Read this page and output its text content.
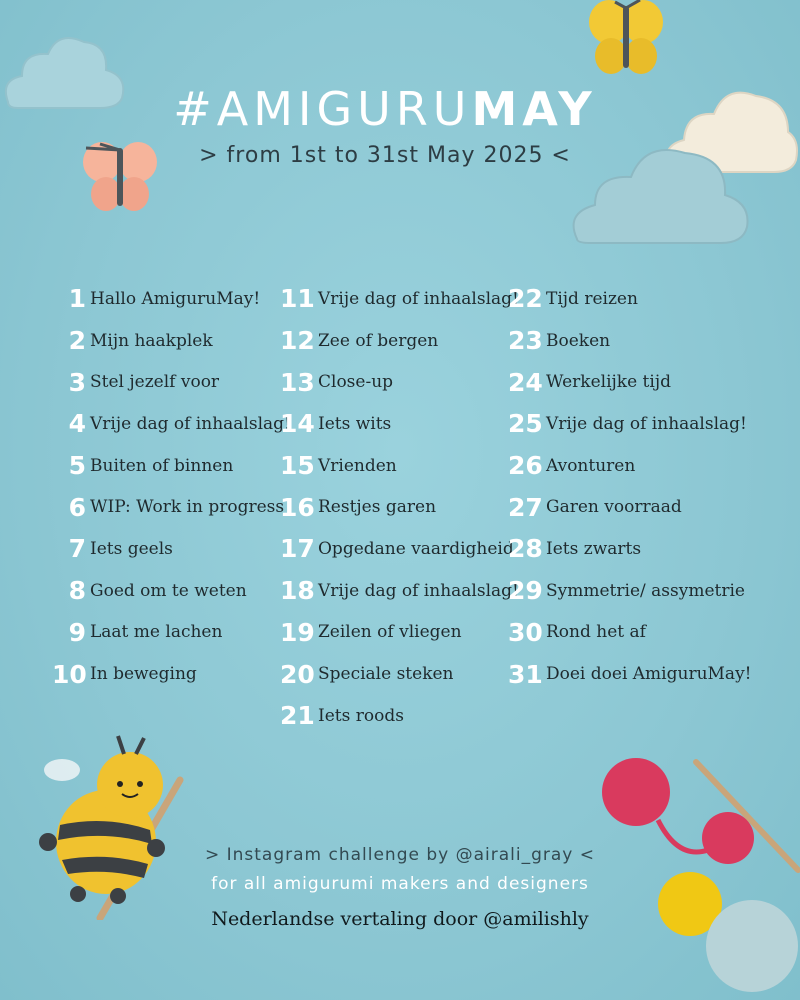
#AMIGURUMAY
> from 1st to 31st May 2025 <
1 Hallo AmiguruMay!
2 Mijn haakplek
3 Stel jezelf voor
4 Vrije dag of inhaalslag!
5 Buiten of binnen
6 WIP: Work in progress
7 Iets geels
8 Goed om te weten
9 Laat me lachen
10 In beweging
11 Vrije dag of inhaalslag!
12 Zee of bergen
13 Close-up
14 Iets wits
15 Vrienden
16 Restjes garen
17 Opgedane vaardigheid
18 Vrije dag of inhaalslag!
19 Zeilen of vliegen
20 Speciale steken
21 Iets roods
22 Tijd reizen
23 Boeken
24 Werkelijke tijd
25 Vrije dag of inhaalslag!
26 Avonturen
27 Garen voorraad
28 Iets zwarts
29 Symmetrie/ assymetrie
30 Rond het af
31 Doei doei AmiguruMay!
> Instagram challenge by @airali_gray <
for all amigurumi makers and designers
Nederlandse vertaling door @amilishly
